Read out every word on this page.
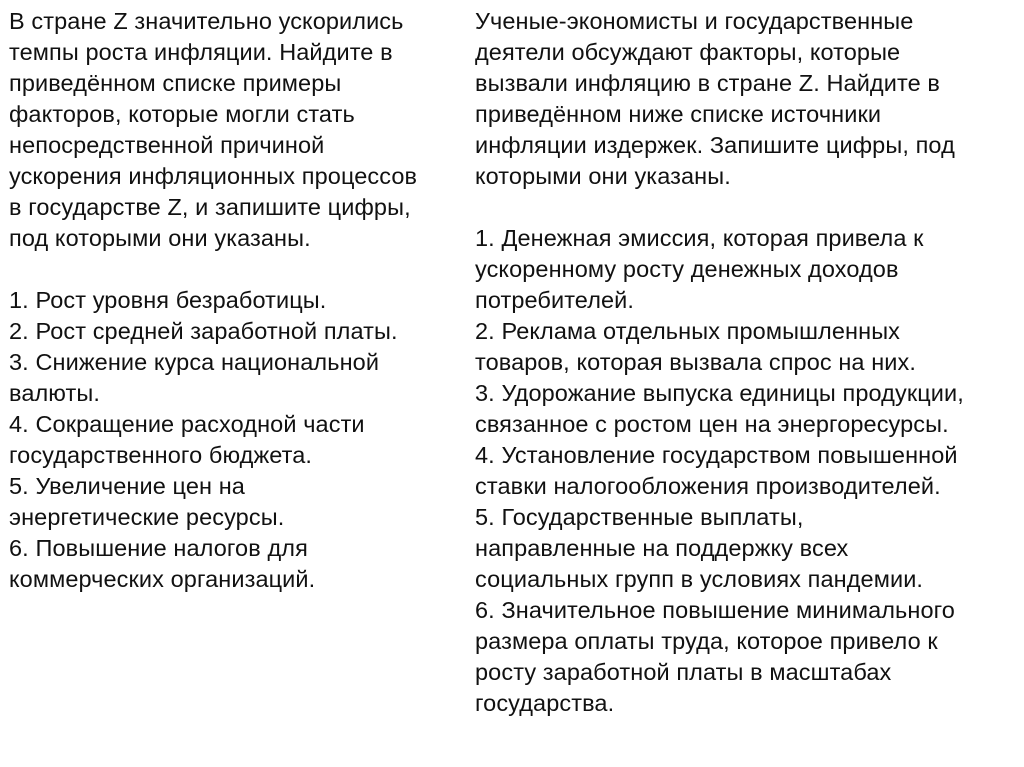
В стране Z значительно ускорились
темпы роста инфляции. Найдите в
приведённом списке примеры
факторов, которые могли стать
непосредственной причиной
ускорения инфляционных процессов
в государстве Z, и запишите цифры,
под которыми они указаны.

1. Рост уровня безработицы.

2. Рост средней заработной платы.

3. Снижение курса национальной
валюты.

4. Сокращение расходной части
государственного бюджета.

5. Увеличение цен на
энергетические ресурсы.

6. Повышение налогов для
коммерческих организаций.

Ученые-экономисты и государственные
деятели обсуждают факторы, которые
вызвали инфляцию в стране Z. Найдите в
приведённом ниже списке источники
инфляции издержек. Запишите цифры, под
которыми они указаны.

1. Денежная эмиссия, которая привела к
ускоренному росту денежных доходов
потребителей.

2. Реклама отдельных промышленных
товаров, которая вызвала спрос на них.

3. Удорожание выпуска единицы продукции,
связанное с ростом цен на энергоресурсы.

4. Установление государством повышенной
ставки налогообложения производителей.

5. Государственные выплаты,
направленные на поддержку всех
социальных групп в условиях пандемии.

6. Значительное повышение минимального
размера оплаты труда, которое привело к
росту заработной платы в масштабах
государства.
